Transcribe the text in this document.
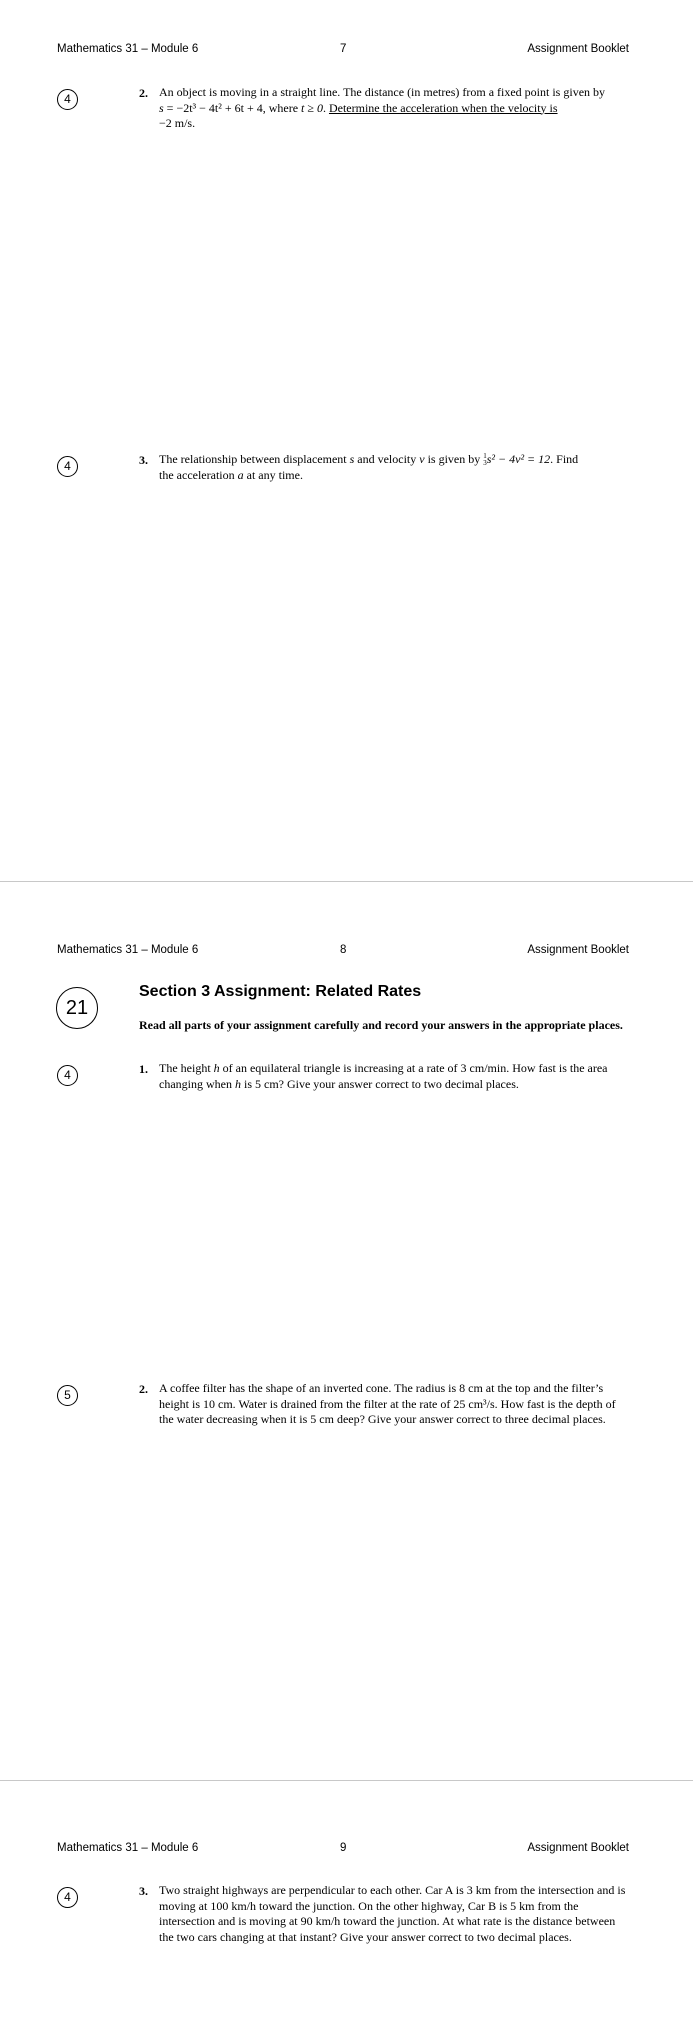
Mathematics 31 – Module 6	7	Assignment Booklet
4	2. An object is moving in a straight line. The distance (in metres) from a fixed point is given by
s = −2t³ − 4t² + 6t + 4, where t ≥ 0. Determine the acceleration when the velocity is
−2 m/s.
4	3. The relationship between displacement s and velocity v is given by 1
3s² − 4v² = 12. Find
the acceleration a at any time.
Mathematics 31 – Module 6	8	Assignment Booklet
21
Section 3 Assignment: Related Rates
Read all parts of your assignment carefully and record your answers in the appropriate places.
4	1. The height h of an equilateral triangle is increasing at a rate of 3 cm/min. How fast is the area changing when h is 5 cm? Give your answer correct to two decimal places.
5	2. A coffee filter has the shape of an inverted cone. The radius is 8 cm at the top and the filter’s height is 10 cm. Water is drained from the filter at the rate of 25 cm³/s. How fast is the depth of the water decreasing when it is 5 cm deep? Give your answer correct to three decimal places.
Mathematics 31 – Module 6	9	Assignment Booklet
4	3. Two straight highways are perpendicular to each other. Car A is 3 km from the intersection and is moving at 100 km/h toward the junction. On the other highway, Car B is 5 km from the intersection and is moving at 90 km/h toward the junction. At what rate is the distance between the two cars changing at that instant? Give your answer correct to two decimal places.
